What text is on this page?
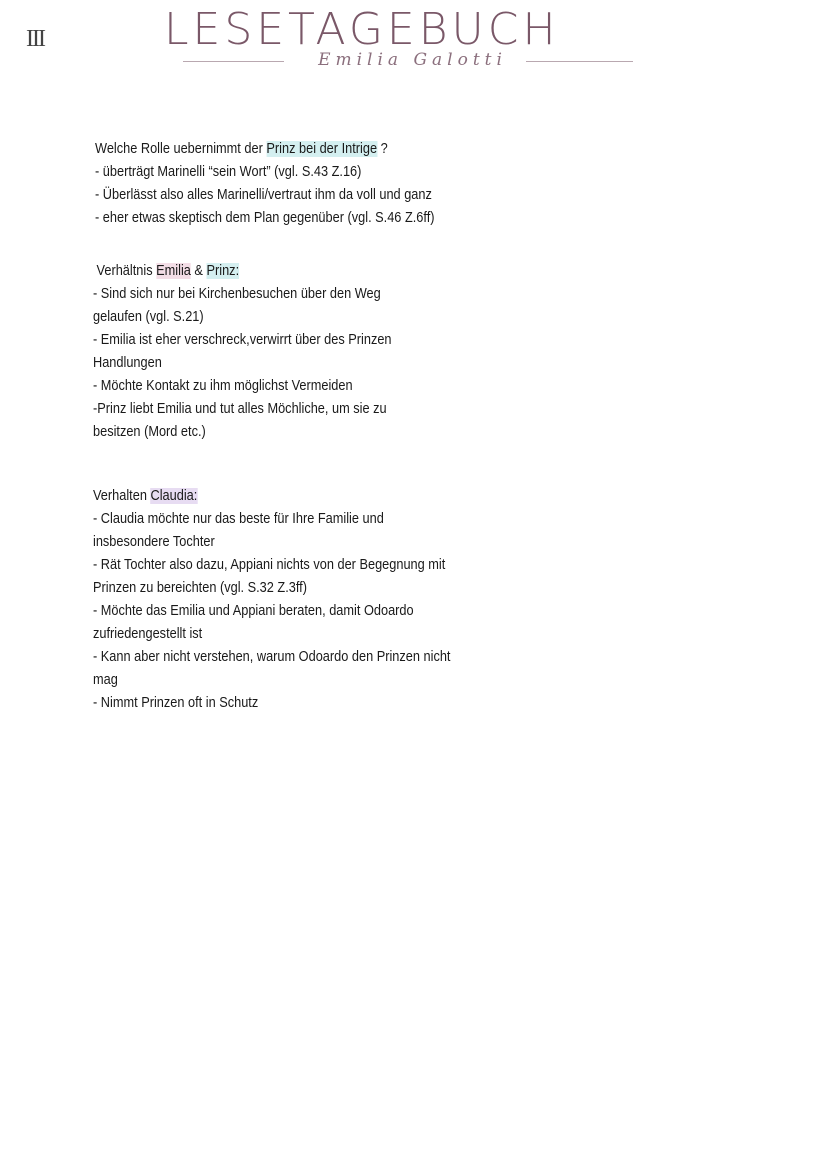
III	LESETAGEBUCH
Emilia Galotti
Welche Rolle uebernimmt der Prinz bei der Intrige ?
- überträgt Marinelli “sein Wort” (vgl. S.43 Z.16)
- Überlässt also alles Marinelli/vertraut ihm da voll und ganz
- eher etwas skeptisch dem Plan gegenüber (vgl. S.46 Z.6ff)
Verhältnis Emilia & Prinz:
- Sind sich nur bei Kirchenbesuchen über den Weg
gelaufen (vgl. S.21)
- Emilia ist eher verschreck,verwirrt über des Prinzen
Handlungen
- Möchte Kontakt zu ihm möglichst Vermeiden
-Prinz liebt Emilia und tut alles Möchliche, um sie zu
besitzen (Mord etc.)
Verhalten Claudia:
- Claudia möchte nur das beste für Ihre Familie und
insbesondere Tochter
- Rät Tochter also dazu, Appiani nichts von der Begegnung mit
Prinzen zu bereichten (vgl. S.32 Z.3ff)
- Möchte das Emilia und Appiani beraten, damit Odoardo
zufriedengestellt ist
- Kann aber nicht verstehen, warum Odoardo den Prinzen nicht
mag
- Nimmt Prinzen oft in Schutz
